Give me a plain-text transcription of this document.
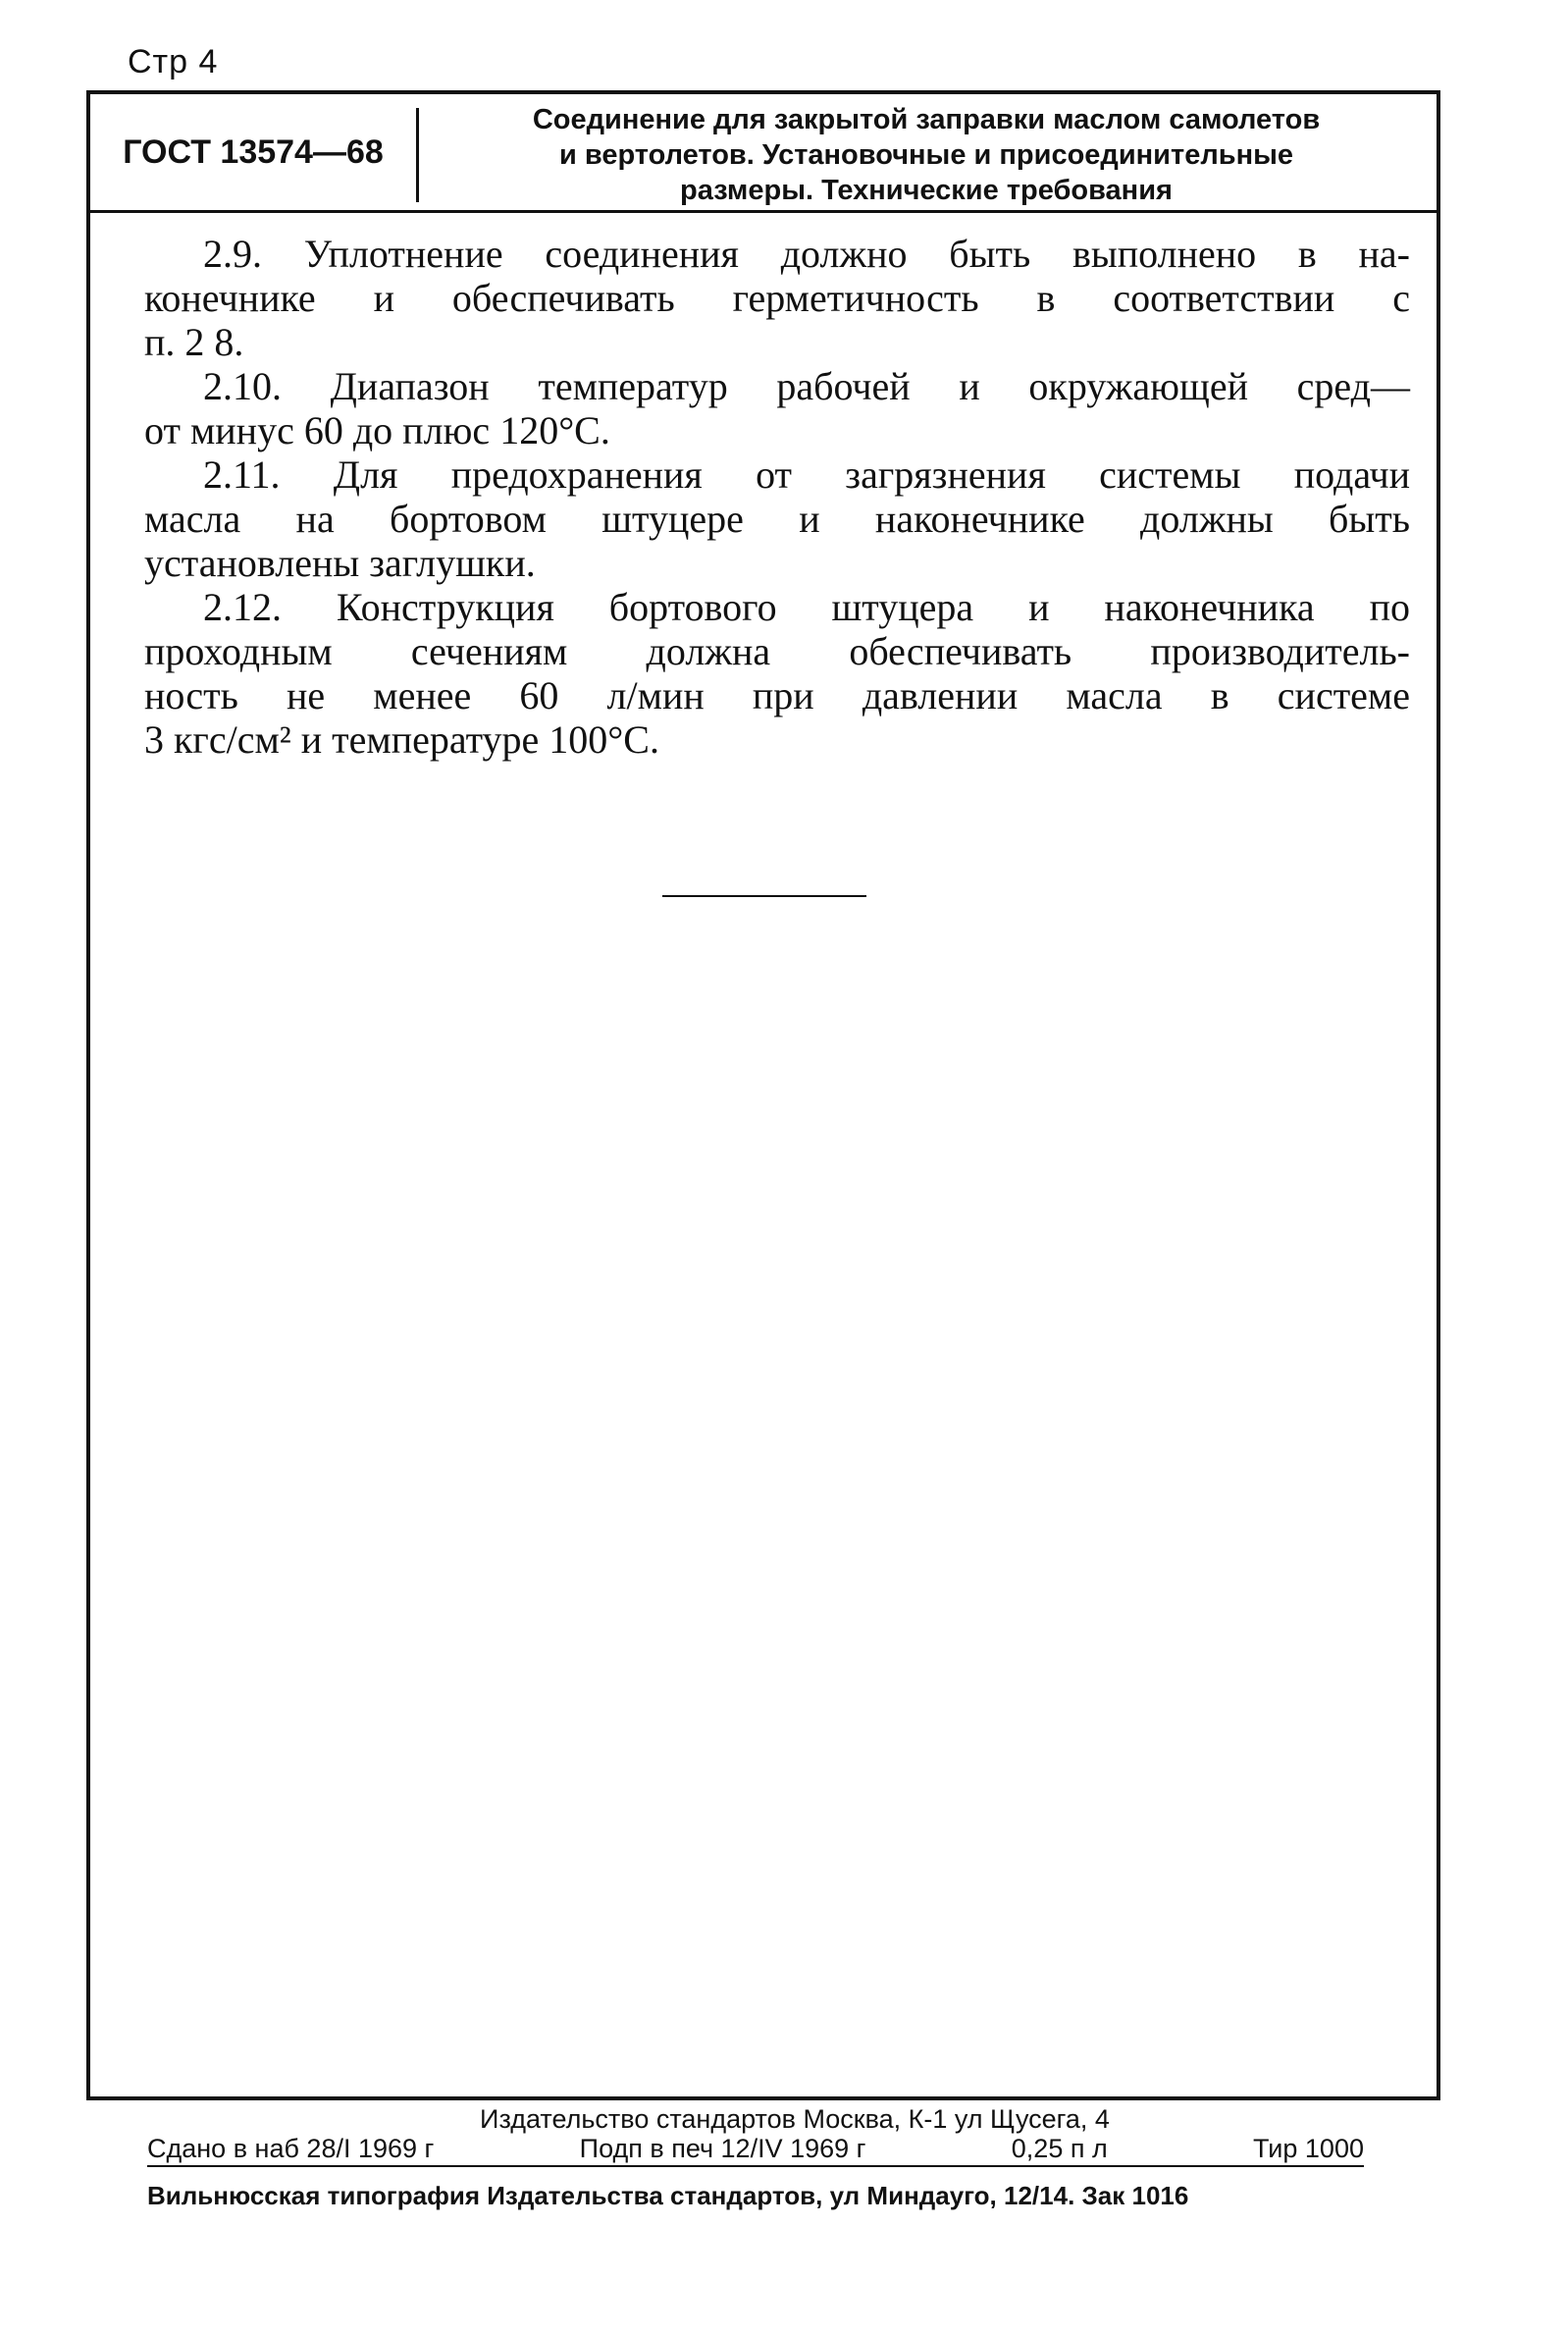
Стр 4
ГОСТ 13574—68
Соединение для закрытой заправки маслом самолетов
и вертолетов. Установочные и присоединительные
размеры. Технические требования

2.9. Уплотнение соединения должно быть выполнено в на-
конечнике и обеспечивать герметичность в соответствии с
п. 2 8.

2.10. Диапазон температур рабочей и окружающей сред—
от минус 60 до плюс 120°С.

2.11. Для предохранения от загрязнения системы подачи
масла на бортовом штуцере и наконечнике должны быть
установлены заглушки.

2.12. Конструкция бортового штуцера и наконечника по
проходным сечениям должна обеспечивать производитель-
ность не менее 60 л/мин при давлении масла в системе
3 кгс/см² и температуре 100°С.

Издательство стандартов Москва, К-1 ул Щусега, 4
Сдано в наб 28/I 1969 г	Подп в печ 12/IV 1969 г	0,25 п л	Тир 1000
Вильнюсская типография Издательства стандартов, ул Миндауго, 12/14. Зак 1016
